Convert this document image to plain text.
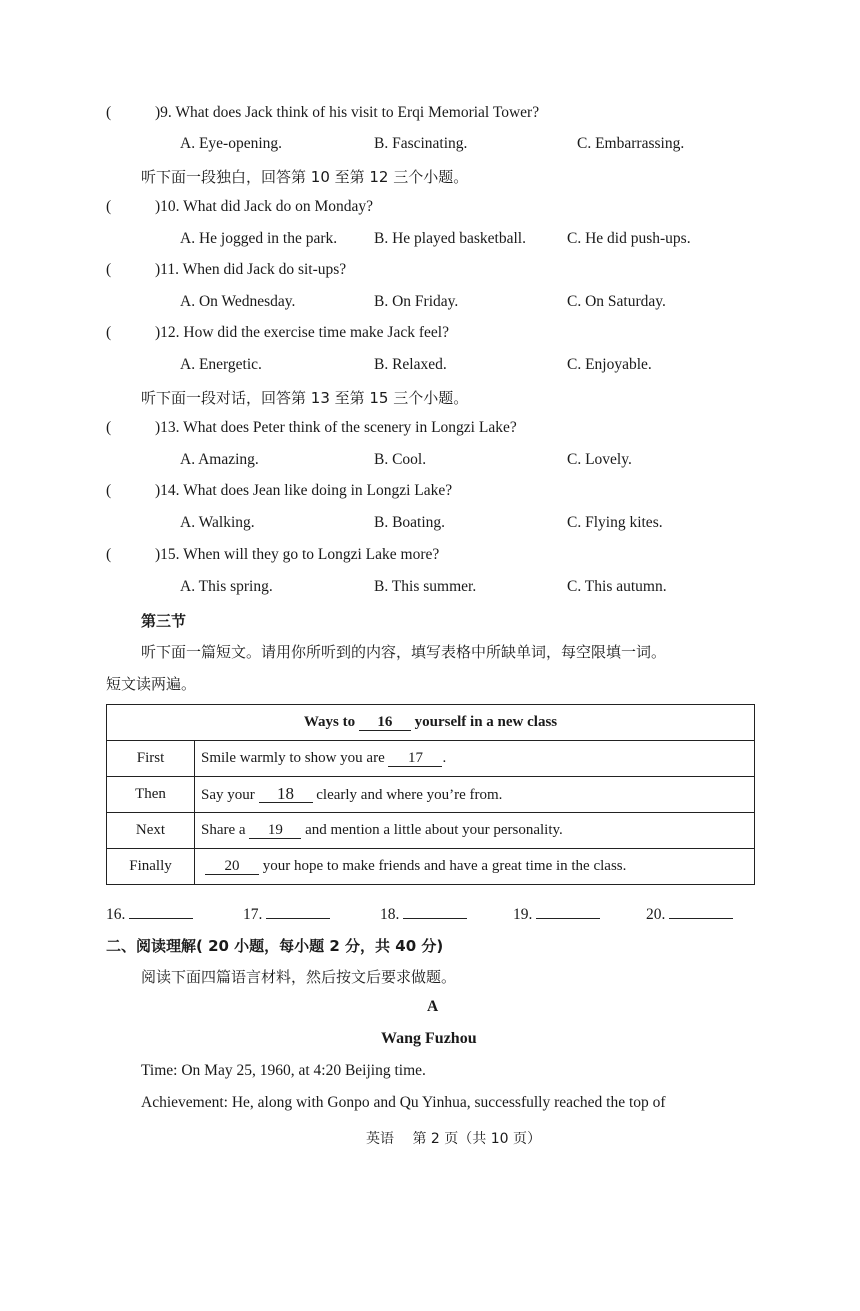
(	)9. What does Jack think of his visit to Erqi Memorial Tower?
A. Eye-opening.	B. Fascinating.	C. Embarrassing.
听下面一段独白，回答第 10 至第 12 三个小题。
(	)10. What did Jack do on Monday?
A. He jogged in the park. B. He played basketball.	C. He did push-ups.
(	)11. When did Jack do sit-ups?
A. On Wednesday.	B. On Friday.	C. On Saturday.
(	)12. How did the exercise time make Jack feel?
A. Energetic.	B. Relaxed.	C. Enjoyable.
听下面一段对话，回答第 13 至第 15 三个小题。
(	)13. What does Peter think of the scenery in Longzi Lake?
A. Amazing.	B. Cool.	C. Lovely.
(	)14. What does Jean like doing in Longzi Lake?
A. Walking.	B. Boating.	C. Flying kites.
(	)15. When will they go to Longzi Lake more?
A. This spring.	B. This summer.	C. This autumn.
第三节
听下面一篇短文。请用你所听到的内容，填写表格中所缺单词，每空限填一词。
短文读两遍。
Ways to 16 yourself in a new class	
First	Smile warmly to show you are 17 .
Then	Say your 18 clearly and where you’re from.
Next	Share a 19 and mention a little about your personality.
Finally	20 your hope to make friends and have a great time in the class.
16.	17.	18.	19.	20.
二、阅读理解( 20 小题，每小题 2 分，共 40 分)
阅读下面四篇语言材料，然后按文后要求做题。
A
Wang Fuzhou
Time: On May 25, 1960, at 4:20 Beijing time.
Achievement: He, along with Gonpo and Qu Yinhua, successfully reached the top of
英语　 第 2 页（共 10 页）
